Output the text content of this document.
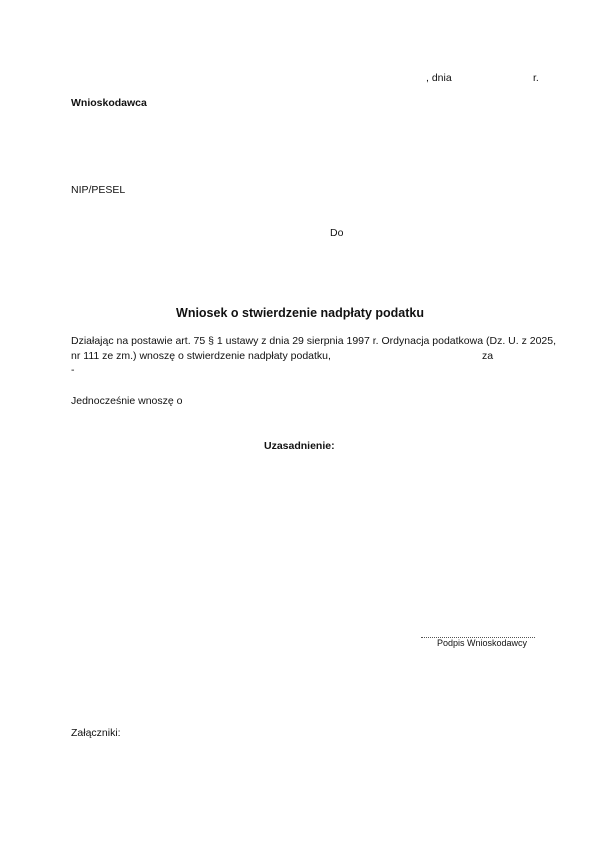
, dnia	r.
Wnioskodawca
NIP/PESEL
Do
Wniosek o stwierdzenie nadpłaty podatku
Działając na postawie art. 75 § 1 ustawy z dnia 29 sierpnia 1997 r. Ordynacja podatkowa (Dz. U. z 2025,
nr 111 ze zm.) wnoszę o stwierdzenie nadpłaty podatku,	za
-
Jednocześnie wnoszę o
Uzasadnienie:
Podpis Wnioskodawcy
Załączniki:
